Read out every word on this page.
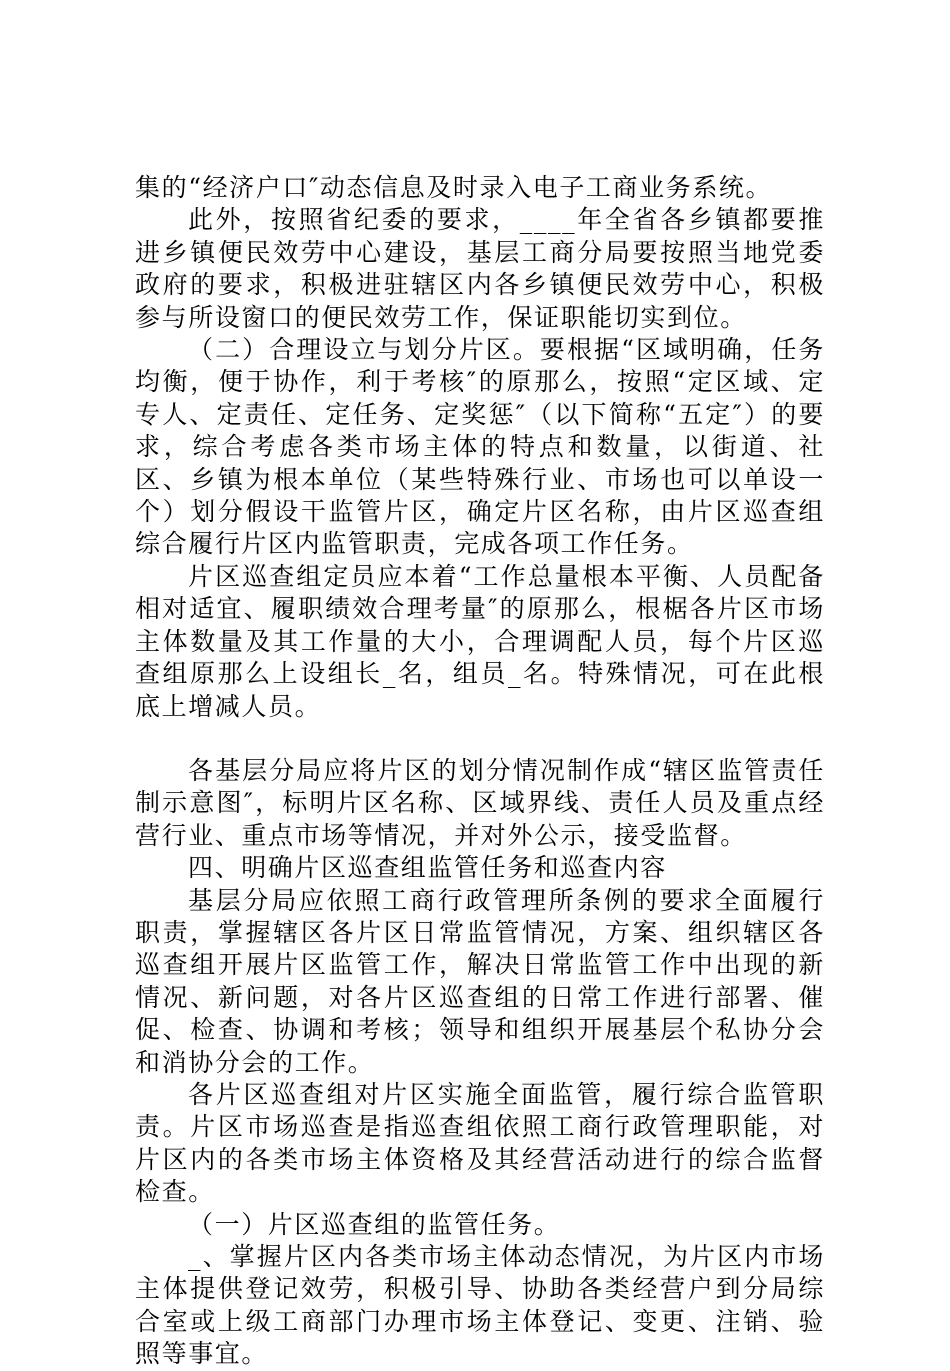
集的“经济户口″动态信息及时录入电子工商业务系统。

此外，按照省纪委的要求，____年全省各乡镇都要推进乡镇便民效劳中心建设，基层工商分局要按照当地党委政府的要求，积极进驻辖区内各乡镇便民效劳中心，积极参与所设窗口的便民效劳工作，保证职能切实到位。

（二）合理设立与划分片区。要根据“区域明确，任务均衡，便于协作，利于考核″的原那么，按照“定区域、定专人、定责任、定任务、定奖惩″（以下简称“五定″）的要求，综合考虑各类市场主体的特点和数量，以街道、社区、乡镇为根本单位（某些特殊行业、市场也可以单设一个）划分假设干监管片区，确定片区名称，由片区巡查组综合履行片区内监管职责，完成各项工作任务。

片区巡查组定员应本着“工作总量根本平衡、人员配备相对适宜、履职绩效合理考量″的原那么，根椐各片区市场主体数量及其工作量的大小，合理调配人员，每个片区巡查组原那么上设组长_名，组员_名。特殊情况，可在此根底上增减人员。

各基层分局应将片区的划分情况制作成“辖区监管责任制示意图″，标明片区名称、区域界线、责任人员及重点经营行业、重点市场等情况，并对外公示，接受监督。

四、明确片区巡查组监管任务和巡查内容

基层分局应依照工商行政管理所条例的要求全面履行职责，掌握辖区各片区日常监管情况，方案、组织辖区各巡查组开展片区监管工作，解决日常监管工作中出现的新情况、新问题，对各片区巡查组的日常工作进行部署、催促、检查、协调和考核；领导和组织开展基层个私协分会和消协分会的工作。

各片区巡查组对片区实施全面监管，履行综合监管职责。片区市场巡查是指巡查组依照工商行政管理职能，对片区内的各类市场主体资格及其经营活动进行的综合监督检查。

（一）片区巡查组的监管任务。

_、掌握片区内各类市场主体动态情况，为片区内市场主体提供登记效劳，积极引导、协助各类经营户到分局综合室或上级工商部门办理市场主体登记、变更、注销、验照等事宜。
